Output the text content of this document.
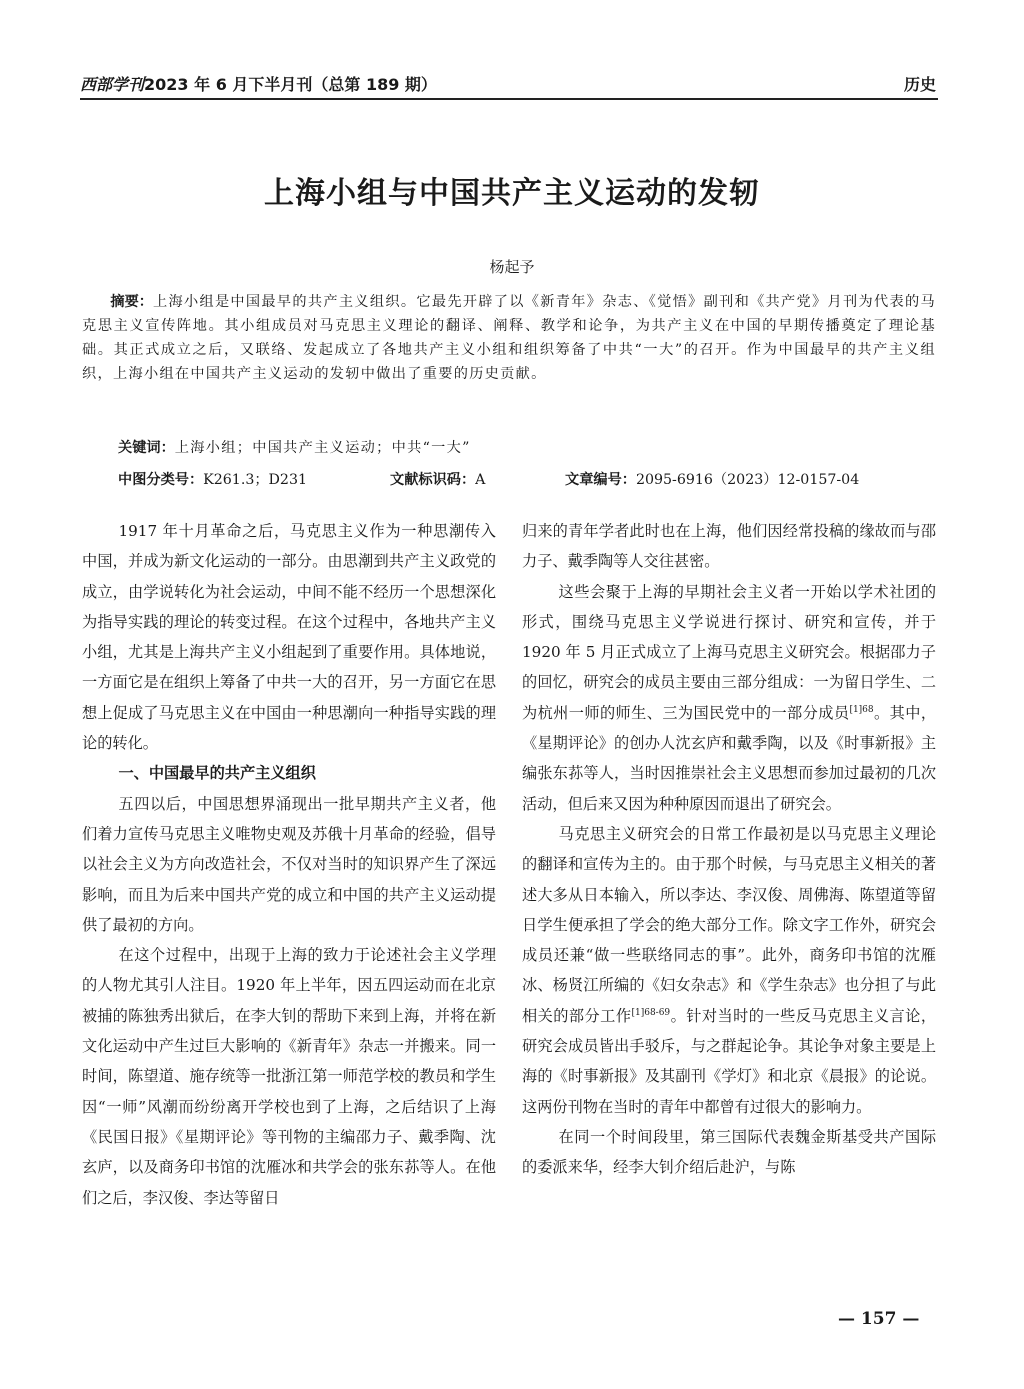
西部学刊2023 年 6 月下半月刊（总第 189 期）	历史
上海小组与中国共产主义运动的发轫
杨起予
摘要：上海小组是中国最早的共产主义组织。它最先开辟了以《新青年》杂志、《觉悟》副刊和《共产党》月刊为代表的马克思主义宣传阵地。其小组成员对马克思主义理论的翻译、阐释、教学和论争，为共产主义在中国的早期传播奠定了理论基础。其正式成立之后，又联络、发起成立了各地共产主义小组和组织筹备了中共“一大”的召开。作为中国最早的共产主义组织，上海小组在中国共产主义运动的发轫中做出了重要的历史贡献。
关键词：上海小组；中国共产主义运动；中共“一大”
中图分类号：K261.3；D231	文献标识码：A	文章编号：2095-6916（2023）12-0157-04

1917 年十月革命之后，马克思主义作为一种思潮传入中国，并成为新文化运动的一部分。由思潮到共产主义政党的成立，由学说转化为社会运动，中间不能不经历一个思想深化为指导实践的理论的转变过程。在这个过程中，各地共产主义小组，尤其是上海共产主义小组起到了重要作用。具体地说，一方面它是在组织上筹备了中共一大的召开，另一方面它在思想上促成了马克思主义在中国由一种思潮向一种指导实践的理论的转化。

一、中国最早的共产主义组织

五四以后，中国思想界涌现出一批早期共产主义者，他们着力宣传马克思主义唯物史观及苏俄十月革命的经验，倡导以社会主义为方向改造社会，不仅对当时的知识界产生了深远影响，而且为后来中国共产党的成立和中国的共产主义运动提供了最初的方向。

在这个过程中，出现于上海的致力于论述社会主义学理的人物尤其引人注目。1920 年上半年，因五四运动而在北京被捕的陈独秀出狱后，在李大钊的帮助下来到上海，并将在新文化运动中产生过巨大影响的《新青年》杂志一并搬来。同一时间，陈望道、施存统等一批浙江第一师范学校的教员和学生因“一师”风潮而纷纷离开学校也到了上海，之后结识了上海《民国日报》《星期评论》等刊物的主编邵力子、戴季陶、沈玄庐，以及商务印书馆的沈雁冰和共学会的张东荪等人。在他们之后，李汉俊、李达等留日

归来的青年学者此时也在上海，他们因经常投稿的缘故而与邵力子、戴季陶等人交往甚密。

这些会聚于上海的早期社会主义者一开始以学术社团的形式，围绕马克思主义学说进行探讨、研究和宣传，并于 1920 年 5 月正式成立了上海马克思主义研究会。根据邵力子的回忆，研究会的成员主要由三部分组成：一为留日学生、二为杭州一师的师生、三为国民党中的一部分成员$^{[1]68}$。其中，《星期评论》的创办人沈玄庐和戴季陶，以及《时事新报》主编张东荪等人，当时因推崇社会主义思想而参加过最初的几次活动，但后来又因为种种原因而退出了研究会。

马克思主义研究会的日常工作最初是以马克思主义理论的翻译和宣传为主的。由于那个时候，与马克思主义相关的著述大多从日本输入，所以李达、李汉俊、周佛海、陈望道等留日学生便承担了学会的绝大部分工作。除文字工作外，研究会成员还兼“做一些联络同志的事”。此外，商务印书馆的沈雁冰、杨贤江所编的《妇女杂志》和《学生杂志》也分担了与此相关的部分工作$^{[1]68-69}$。针对当时的一些反马克思主义言论，研究会成员皆出手驳斥，与之群起论争。其论争对象主要是上海的《时事新报》及其副刊《学灯》和北京《晨报》的论说。这两份刊物在当时的青年中都曾有过很大的影响力。

在同一个时间段里，第三国际代表魏金斯基受共产国际的委派来华，经李大钊介绍后赴沪，与陈

— 157 —
